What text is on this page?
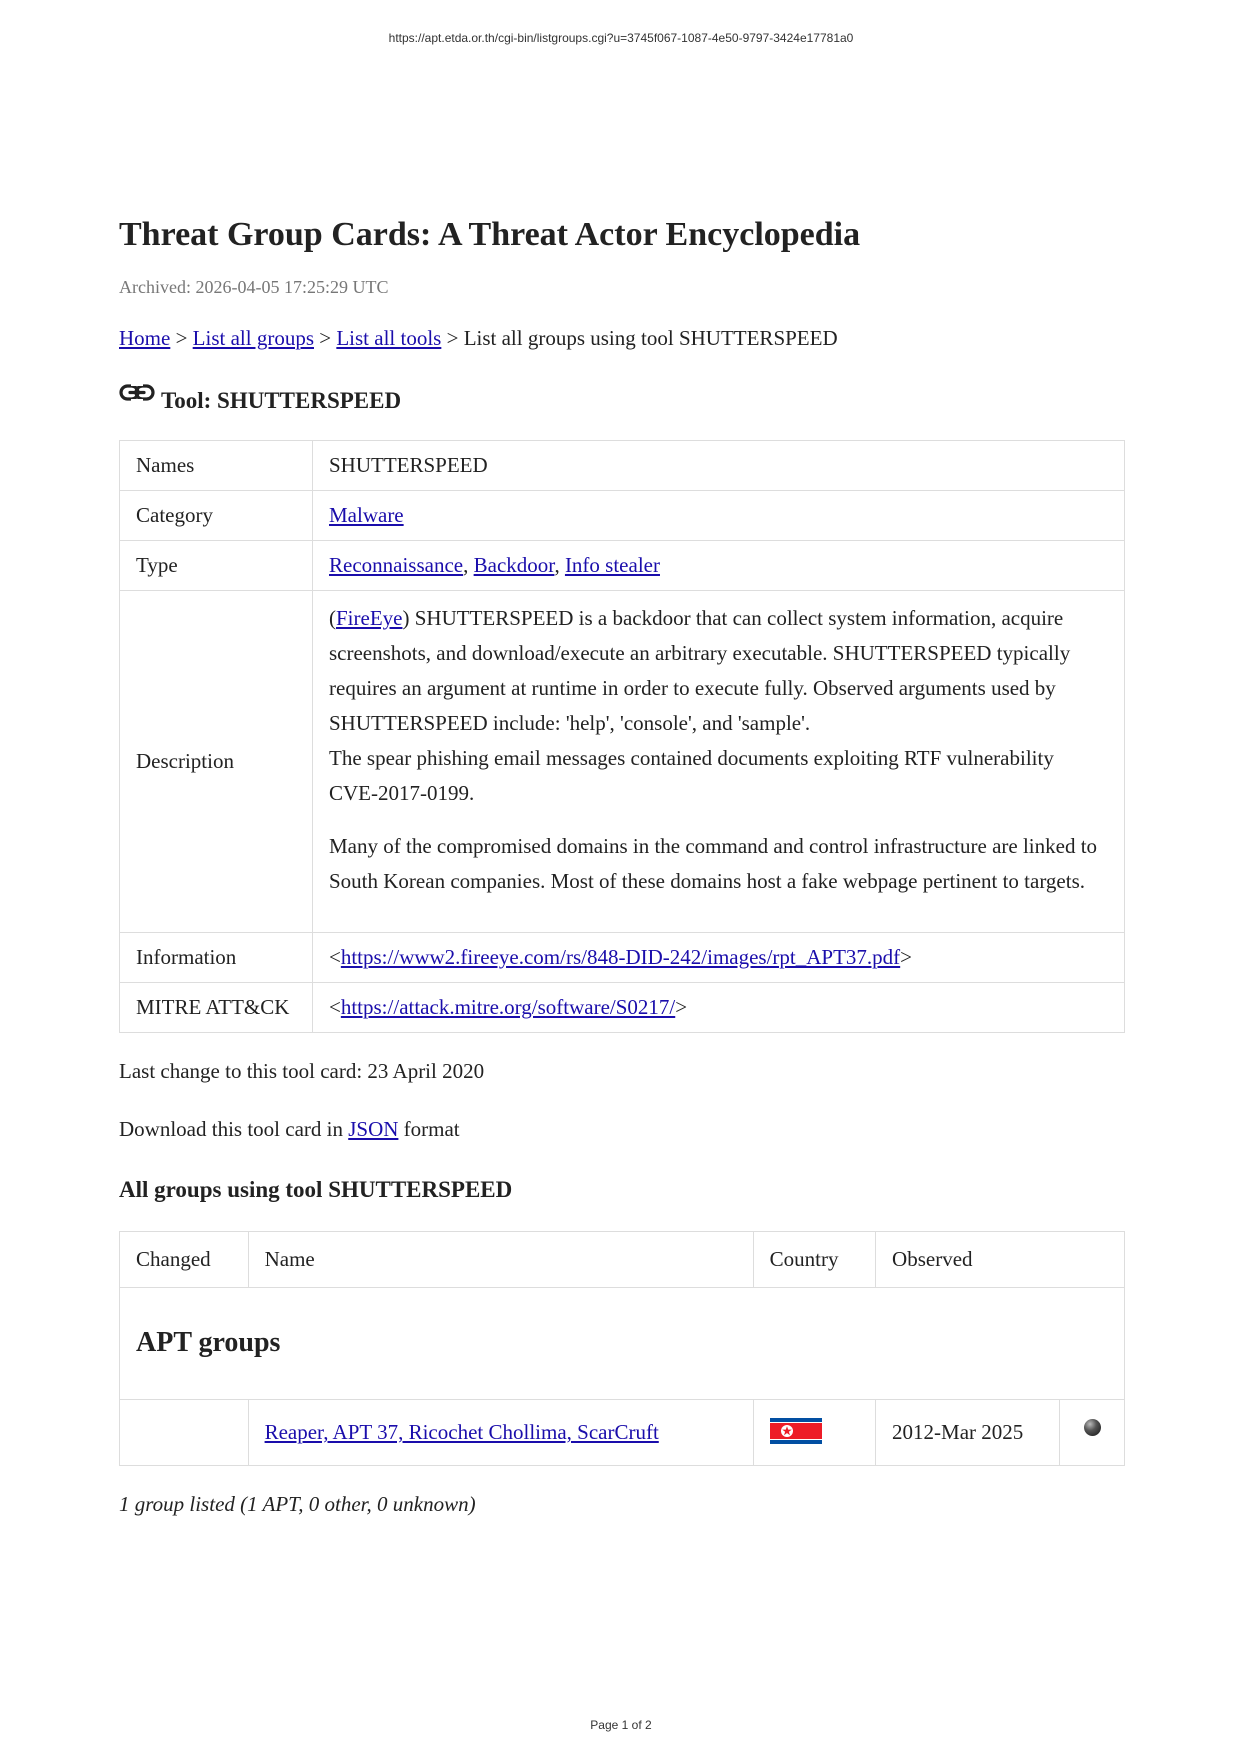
https://apt.etda.or.th/cgi-bin/listgroups.cgi?u=3745f067-1087-4e50-9797-3424e17781a0
Threat Group Cards: A Threat Actor Encyclopedia
Archived: 2026-04-05 17:25:29 UTC
Home > List all groups > List all tools > List all groups using tool SHUTTERSPEED
Tool: SHUTTERSPEED
Names	SHUTTERSPEED
Category	Malware
Type	Reconnaissance, Backdoor, Info stealer
Description	(FireEye) SHUTTERSPEED is a backdoor that can collect system information, acquire screenshots, and download/execute an arbitrary executable. SHUTTERSPEED typically requires an argument at runtime in order to execute fully. Observed arguments used by SHUTTERSPEED include: 'help', 'console', and 'sample'.
The spear phishing email messages contained documents exploiting RTF vulnerability CVE-2017-0199.

Many of the compromised domains in the command and control infrastructure are linked to South Korean companies. Most of these domains host a fake webpage pertinent to targets.

Information	<https://www2.fireeye.com/rs/848-DID-242/images/rpt_APT37.pdf>
MITRE ATT&CK	<https://attack.mitre.org/software/S0217/>
Last change to this tool card: 23 April 2020
Download this tool card in JSON format
All groups using tool SHUTTERSPEED
Changed	Name	Country	Observed	
APT groups				
	Reaper, APT 37, Ricochet Chollima, ScarCruft		2012-Mar 2025	
1 group listed (1 APT, 0 other, 0 unknown)
Page 1 of 2
